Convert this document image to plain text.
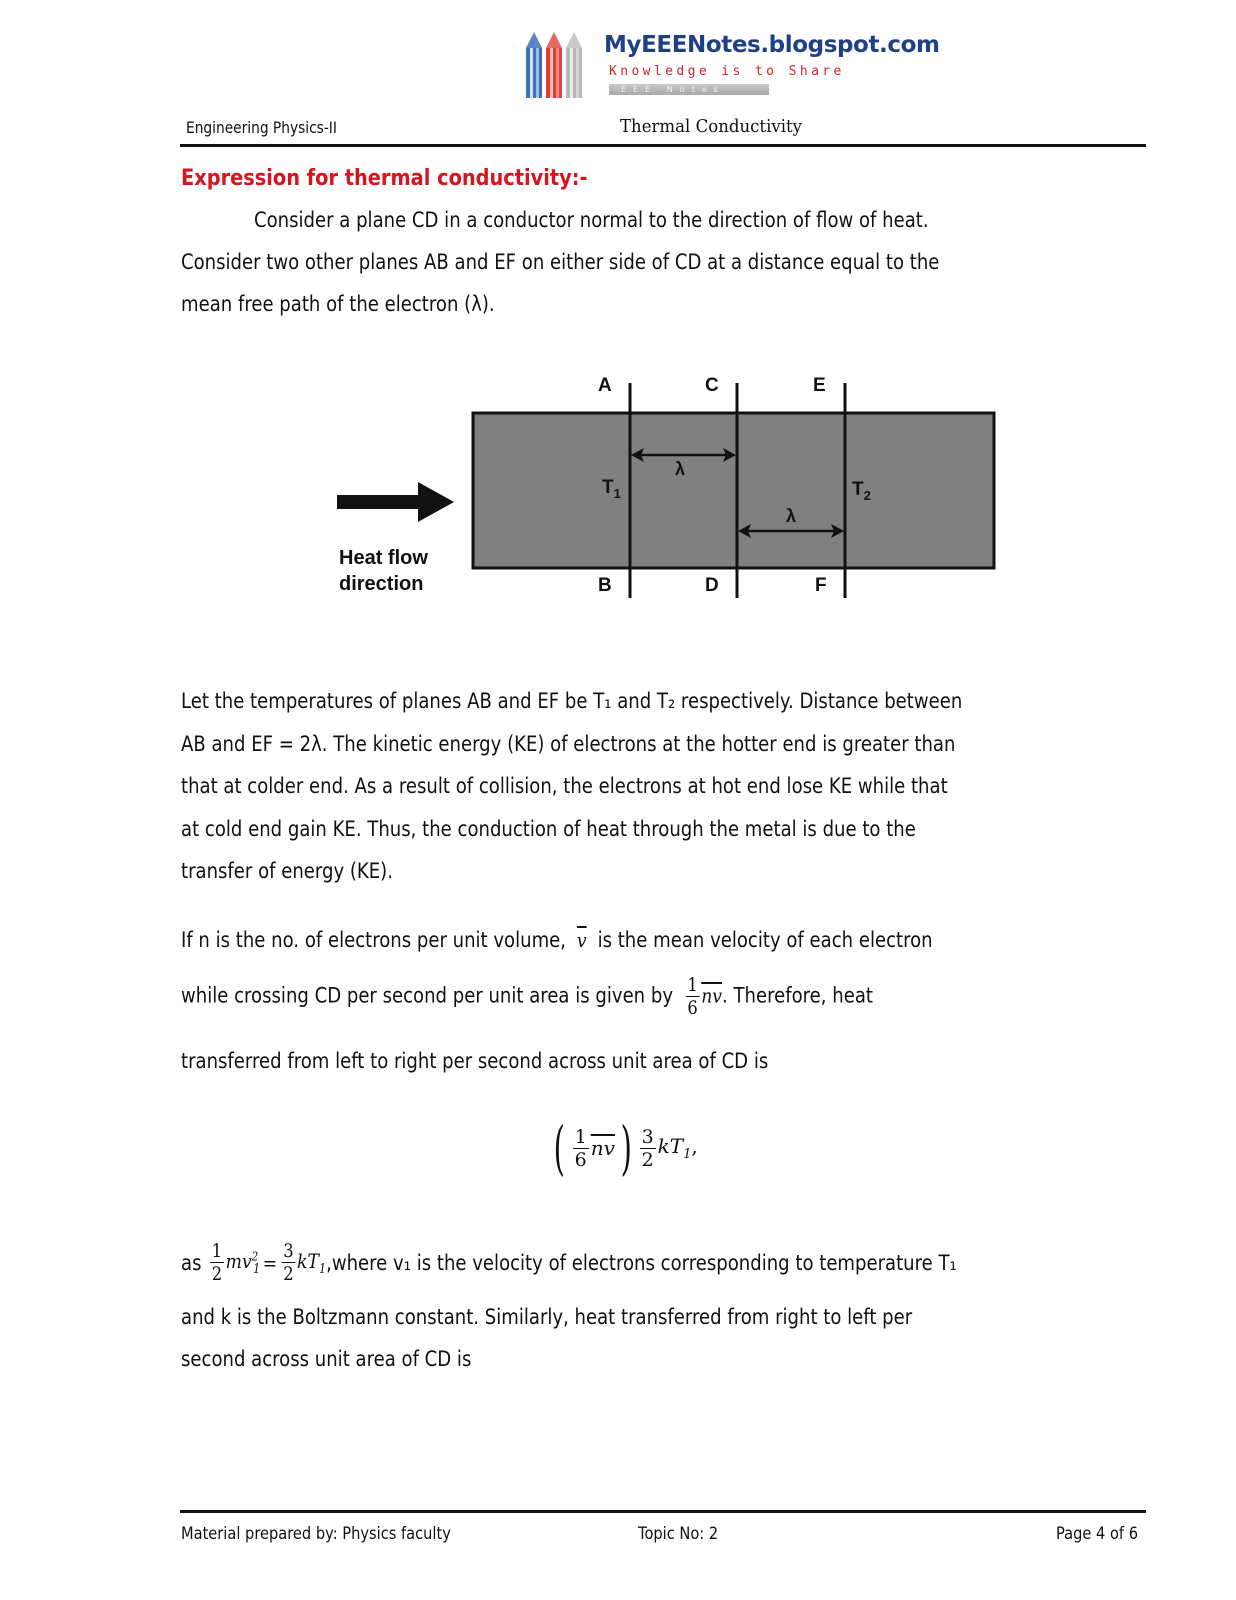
MyEEENotes.blogspot.com
Knowledge is to Share
EEE Notes
Engineering Physics-II	Thermal Conductivity
Expression for thermal conductivity:-
Consider a plane CD in a conductor normal to the direction of flow of heat.
Consider two other planes AB and EF on either side of CD at a distance equal to the
mean free path of the electron (λ).
A	C	E
B	D	F
λ
λ
$T_1$	$T_2$
Heat flow
direction
Let the temperatures of planes AB and EF be T₁ and T₂ respectively. Distance between
AB and EF = 2λ. The kinetic energy (KE) of electrons at the hotter end is greater than
that at colder end. As a result of collision, the electrons at hot end lose KE while that
at cold end gain KE. Thus, the conduction of heat through the metal is due to the
transfer of energy (KE).
If n is the no. of electrons per unit volume, $\overline{v}$ is the mean velocity of each electron
while crossing CD per second per unit area is given by $\frac{1}{6} \overline{nv}$. Therefore, heat
transferred from left to right per second across unit area of CD is
( $\frac{1}{6} \overline{nv}$ ) $\frac{3}{2} kT_1$,
as $\frac{1}{2} mv^2_1 = \frac{3}{2} kT_1$ ,where v₁ is the velocity of electrons corresponding to temperature T₁
and k is the Boltzmann constant. Similarly, heat transferred from right to left per
second across unit area of CD is
Material prepared by: Physics faculty	Topic No: 2	Page 4 of 6
